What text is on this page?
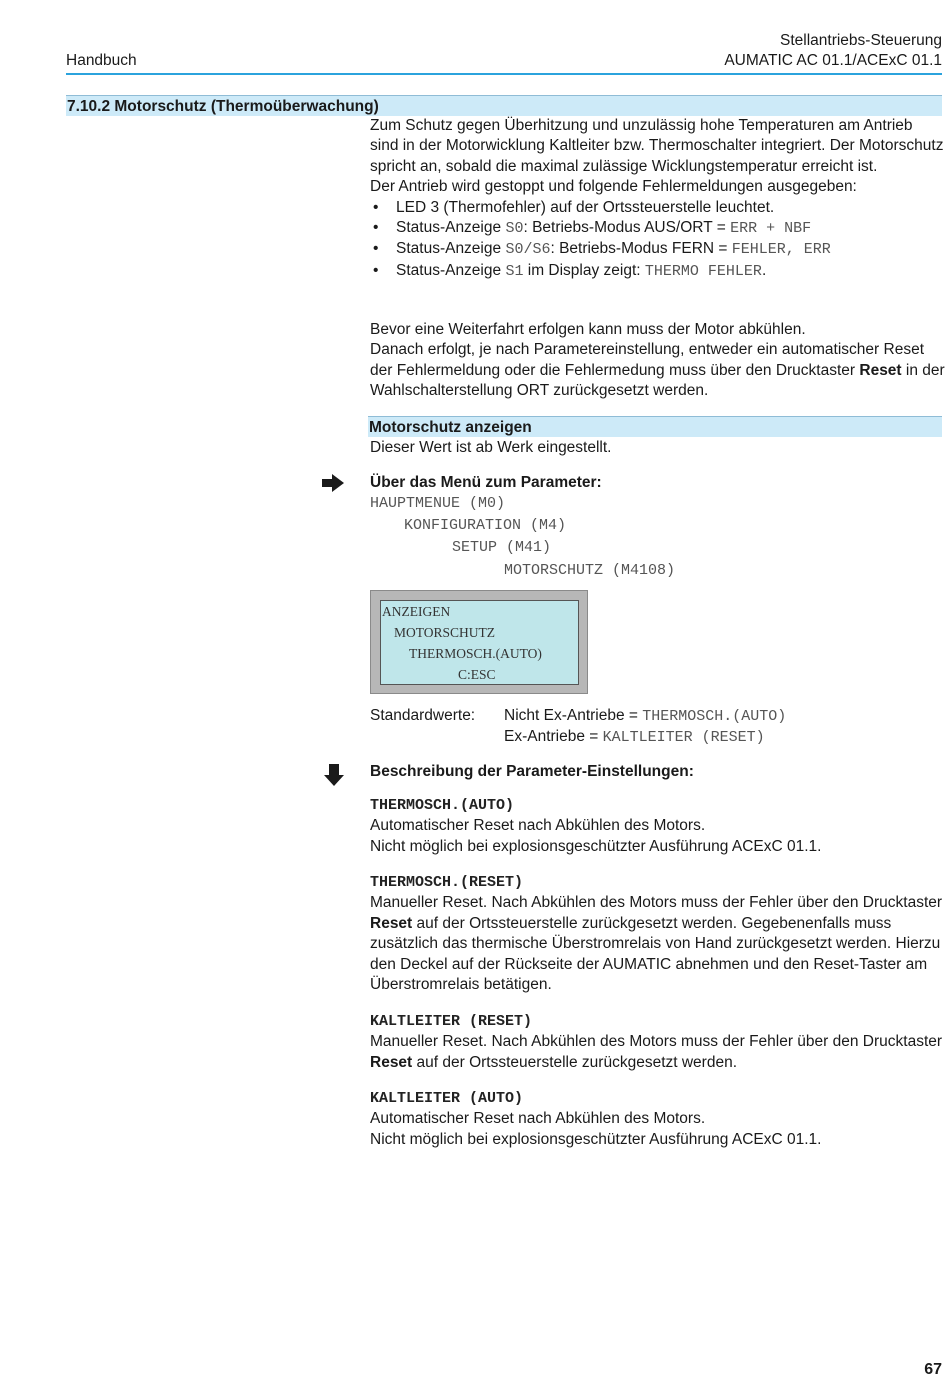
Handbuch
Stellantriebs-Steuerung
AUMATIC AC 01.1/ACExC 01.1
7.10.2 Motorschutz (Thermoüberwachung)

Zum Schutz gegen Überhitzung und unzulässig hohe Temperaturen am Antrieb sind in der Motorwicklung Kaltleiter bzw. Thermoschalter integriert. Der Motorschutz spricht an, sobald die maximal zulässige Wicklungstemperatur erreicht ist.

Der Antrieb wird gestoppt und folgende Fehlermeldungen ausgegeben:

• LED 3 (Thermofehler) auf der Ortssteuerstelle leuchtet.
• Status-Anzeige S0: Betriebs-Modus AUS/ORT = ERR + NBF
• Status-Anzeige S0/S6: Betriebs-Modus FERN = FEHLER, ERR
• Status-Anzeige S1 im Display zeigt: THERMO FEHLER.

Bevor eine Weiterfahrt erfolgen kann muss der Motor abkühlen.

Danach erfolgt, je nach Parametereinstellung, entweder ein automatischer Reset der Fehlermeldung oder die Fehlermedung muss über den Drucktaster Reset in der Wahlschalterstellung ORT zurückgesetzt werden.

Motorschutz anzeigen
Dieser Wert ist ab Werk eingestellt.
Über das Menü zum Parameter:
HAUPTMENUE (M0)
KONFIGURATION (M4)
SETUP (M41)
MOTORSCHUTZ (M4108)
ANZEIGEN
MOTORSCHUTZ
THERMOSCH.(AUTO)
C:ESC
Standardwerte: Nicht Ex-Antriebe = THERMOSCH.(AUTO)
Ex-Antriebe = KALTLEITER (RESET)
Beschreibung der Parameter-Einstellungen:
THERMOSCH.(AUTO)

Automatischer Reset nach Abkühlen des Motors.

Nicht möglich bei explosionsgeschützter Ausführung ACExC 01.1.

THERMOSCH.(RESET)

Manueller Reset. Nach Abkühlen des Motors muss der Fehler über den Drucktaster Reset auf der Ortssteuerstelle zurückgesetzt werden. Gegebenenfalls muss zusätzlich das thermische Überstromrelais von Hand zurückgesetzt werden. Hierzu den Deckel auf der Rückseite der AUMATIC abnehmen und den Reset-Taster am Überstromrelais betätigen.

KALTLEITER (RESET)

Manueller Reset. Nach Abkühlen des Motors muss der Fehler über den Drucktaster Reset auf der Ortssteuerstelle zurückgesetzt werden.

KALTLEITER (AUTO)

Automatischer Reset nach Abkühlen des Motors.

Nicht möglich bei explosionsgeschützter Ausführung ACExC 01.1.

67
